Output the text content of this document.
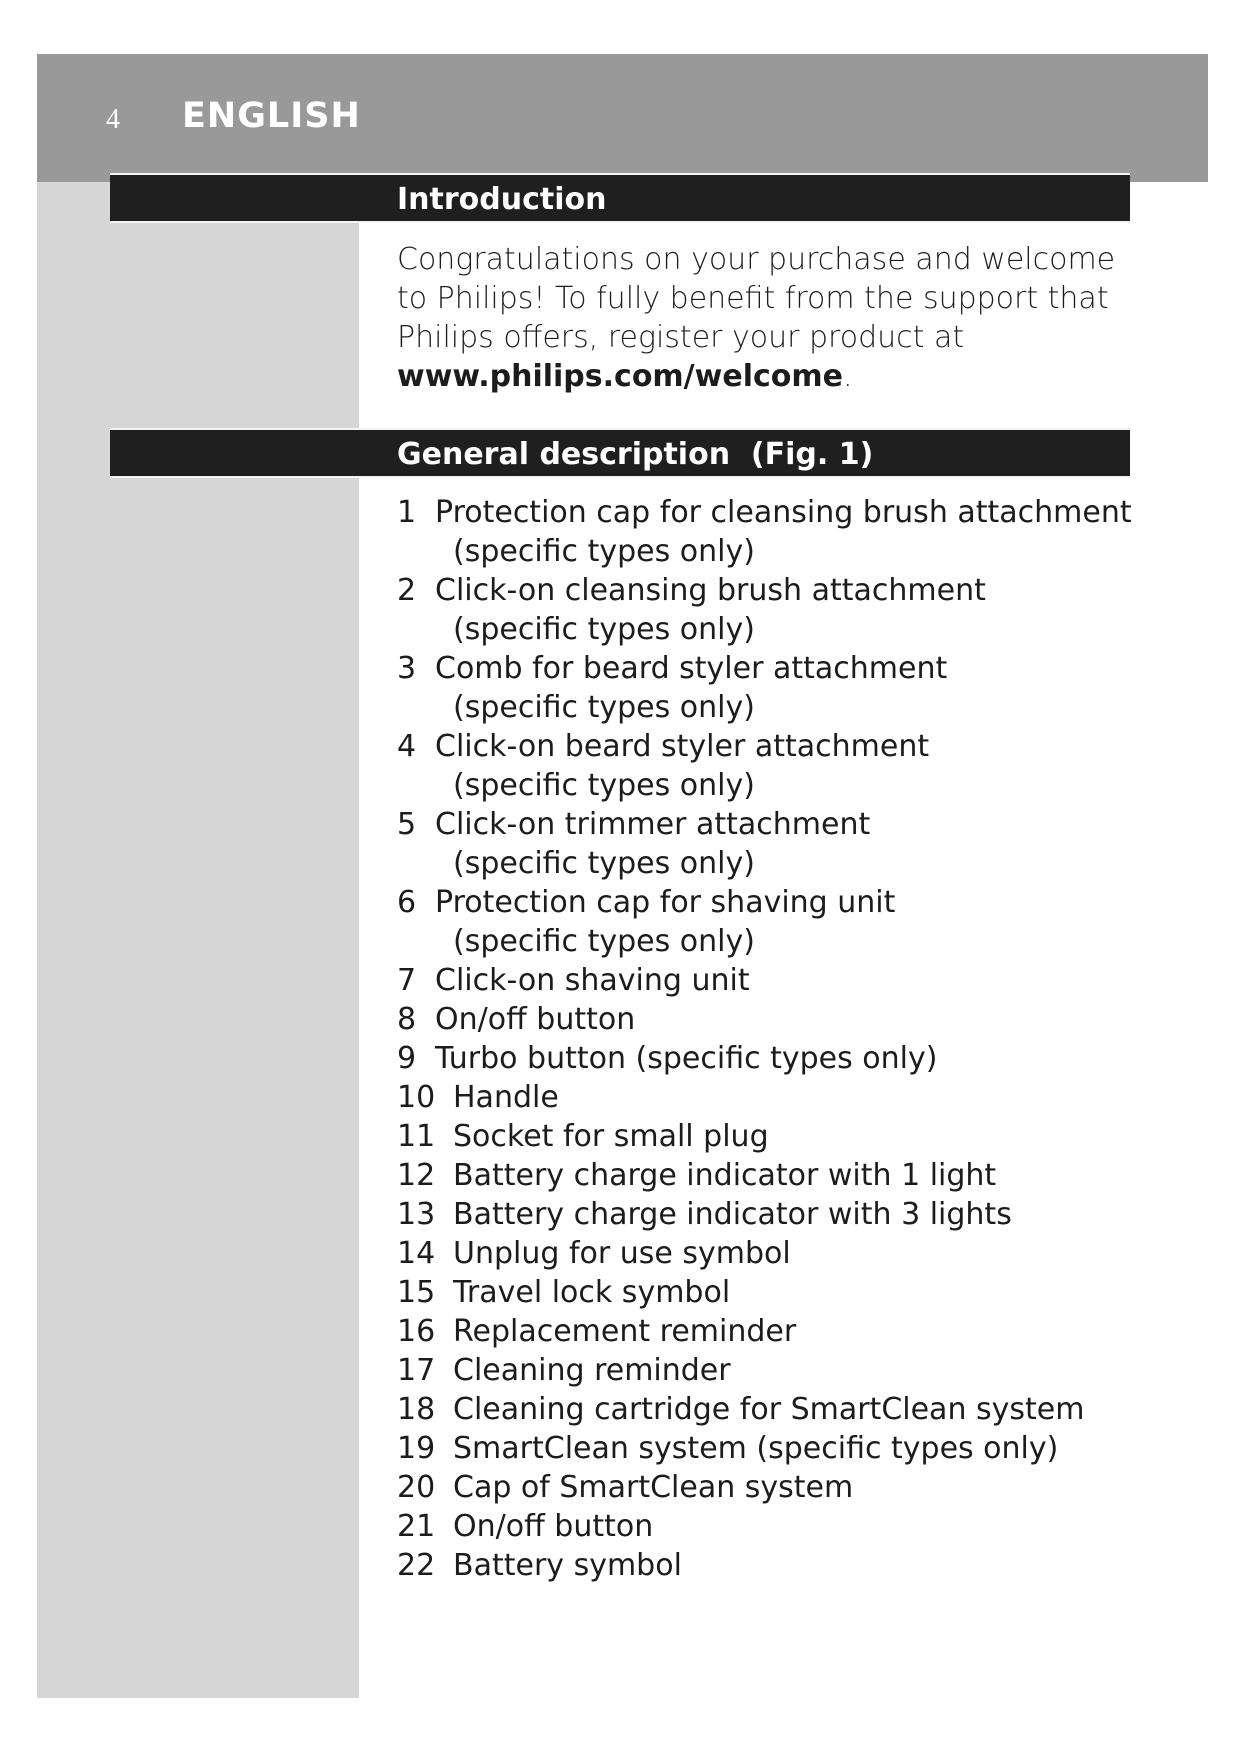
4 ENGLISH
Introduction
Congratulations on your purchase and welcome to Philips! To fully benefit from the support that Philips offers, register your product at www.philips.com/welcome.
General description  (Fig. 1)
1 Protection cap for cleansing brush attachment
(specific types only)
2 Click-on cleansing brush attachment
(specific types only)
3 Comb for beard styler attachment
(specific types only)
4 Click-on beard styler attachment
(specific types only)
5 Click-on trimmer attachment
(specific types only)
6 Protection cap for shaving unit
(specific types only)
7 Click-on shaving unit
8 On/off button
9 Turbo button (specific types only)
10 Handle
11 Socket for small plug
12 Battery charge indicator with 1 light
13 Battery charge indicator with 3 lights
14 Unplug for use symbol
15 Travel lock symbol
16 Replacement reminder
17 Cleaning reminder
18 Cleaning cartridge for SmartClean system
19 SmartClean system (specific types only)
20 Cap of SmartClean system
21 On/off button
22 Battery symbol
